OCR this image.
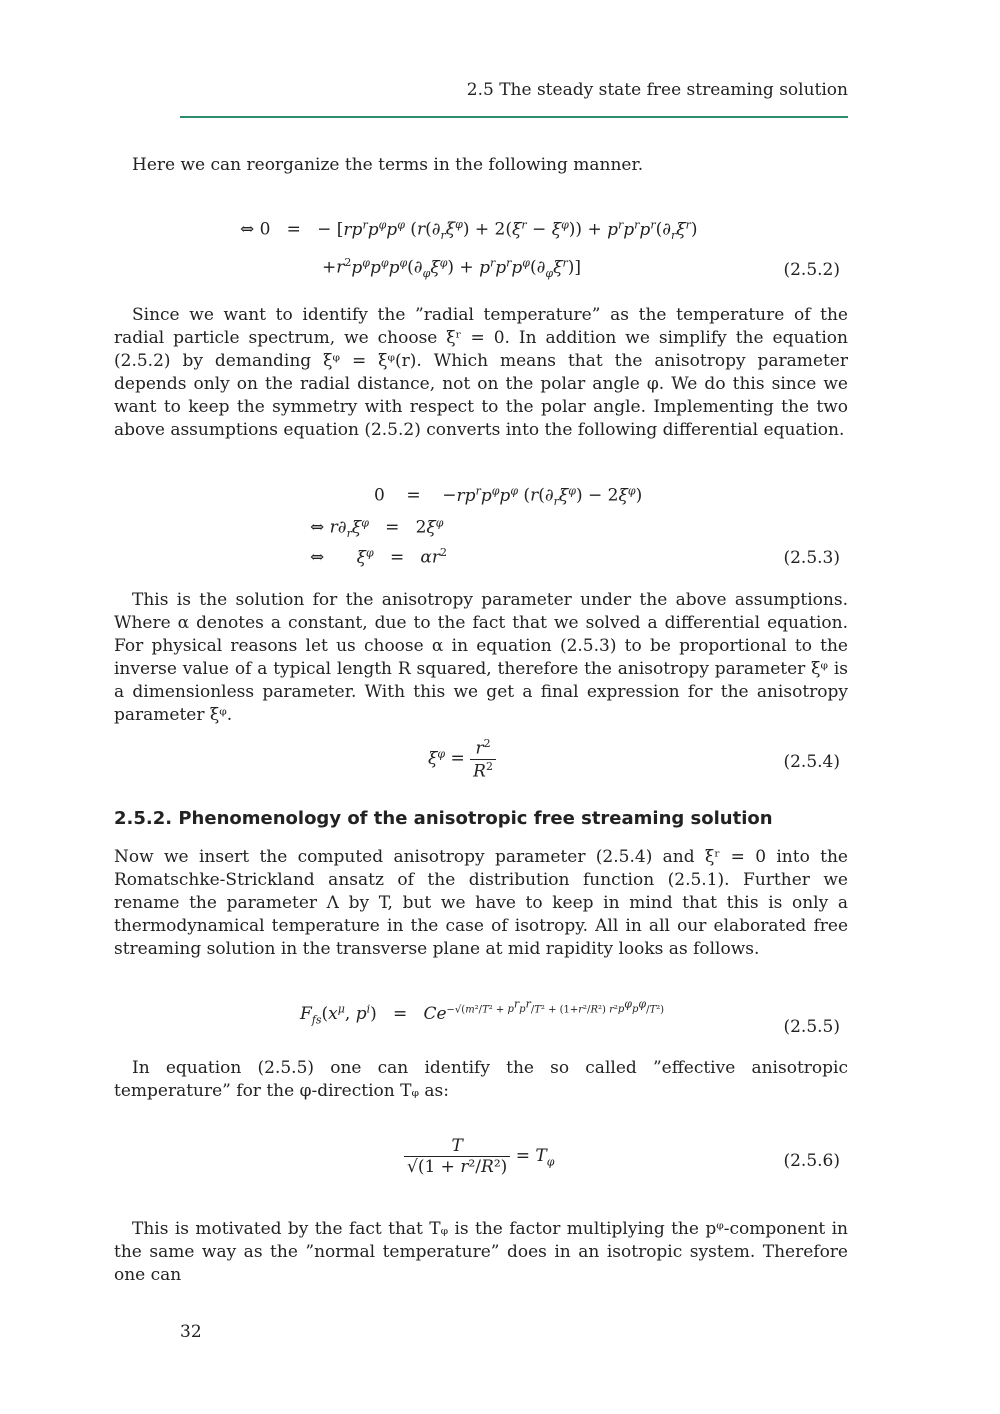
2.5 The steady state free streaming solution

Here we can reorganize the terms in the following manner.

⇔ 0   =   − [$rp^rp^\varphi p^\varphi$ $(r(\partial_r\xi^\varphi) + 2(\xi^r - \xi^\varphi)) + p^rp^rp^r(\partial_r\xi^r)$
$+r^2p^\varphi p^\varphi p^\varphi(\partial_\varphi\xi^\varphi) + p^rp^rp^\varphi(\partial_\varphi\xi^r)$]	(2.5.2)

Since we want to identify the ”radial temperature” as the temperature of the radial particle spectrum, we choose ξʳ = 0. In addition we simplify the equation (2.5.2) by demanding ξᵠ = ξᵠ(r). Which means that the anisotropy parameter depends only on the radial distance, not on the polar angle φ. We do this since we want to keep the symmetry with respect to the polar angle. Implementing the two above assumptions equation (2.5.2) converts into the following differential equation.

0    =    $-rp^rp^\varphi p^\varphi$ $(r(\partial_r\xi^\varphi) - 2\xi^\varphi)$
⇔ $r\partial_r\xi^\varphi = 2\xi^\varphi$
⇔      $\xi^\varphi = \alpha r^2$	(2.5.3)

This is the solution for the anisotropy parameter under the above assumptions. Where α denotes a constant, due to the fact that we solved a differential equation. For physical reasons let us choose α in equation (2.5.3) to be proportional to the inverse value of a typical length R squared, therefore the anisotropy parameter ξᵠ is a dimensionless parameter. With this we get a final expression for the anisotropy parameter ξᵠ.

$\xi^\varphi = \frac{r^2}{R^2}$	(2.5.4)
2.5.2. Phenomenology of the anisotropic free streaming solution

Now we insert the computed anisotropy parameter (2.5.4) and ξʳ = 0 into the Romatschke-Strickland ansatz of the distribution function (2.5.1). Further we rename the parameter Λ by T, but we have to keep in mind that this is only a thermodynamical temperature in the case of isotropy. All in all our elaborated free streaming solution in the transverse plane at mid rapidity looks as follows.

$F_{fs}(x^\mu$, $p^i) = Ce^{-√(m^2/T^2 + p^rp^r/T^2 + (1+r^2/R^2) r^2p^\varphi p^\varphi/T^2)}$
(2.5.5)

In equation (2.5.5) one can identify the so called ”effective anisotropic temperature” for the φ-direction Tᵩ as:

$\frac{T}{\text{√(1 + r²/R²)}} = T_\varphi$	(2.5.6)

This is motivated by the fact that Tᵩ is the factor multiplying the pᵠ-component in the same way as the ”normal temperature” does in an isotropic system. Therefore one can

32
